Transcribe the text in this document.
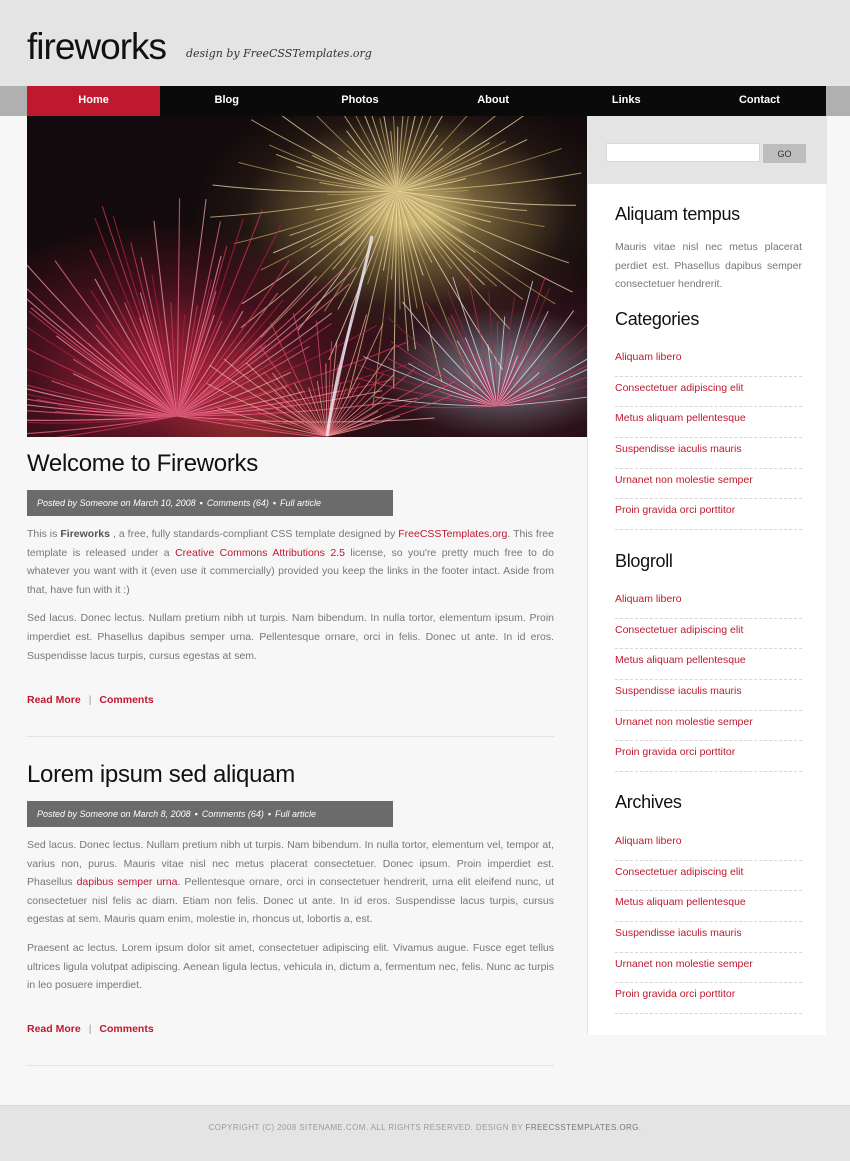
fireworks design by FreeCSSTemplates.org
Home	Blog	Photos	About	Links	Contact
Welcome to Fireworks
Posted by Someone on March 10, 2008 ▪ Comments (64) ▪ Full article

This is Fireworks , a free, fully standards-compliant CSS template designed by FreeCSSTemplates.org. This free template is released under a Creative Commons Attributions 2.5 license, so you're pretty much free to do whatever you want with it (even use it commercially) provided you keep the links in the footer intact. Aside from that, have fun with it :)

Sed lacus. Donec lectus. Nullam pretium nibh ut turpis. Nam bibendum. In nulla tortor, elementum ipsum. Proin imperdiet est. Phasellus dapibus semper urna. Pellentesque ornare, orci in felis. Donec ut ante. In id eros. Suspendisse lacus turpis, cursus egestas at sem.

Read More | Comments
Lorem ipsum sed aliquam
Posted by Someone on March 8, 2008 ▪ Comments (64) ▪ Full article

Sed lacus. Donec lectus. Nullam pretium nibh ut turpis. Nam bibendum. In nulla tortor, elementum vel, tempor at, varius non, purus. Mauris vitae nisl nec metus placerat consectetuer. Donec ipsum. Proin imperdiet est. Phasellus dapibus semper urna. Pellentesque ornare, orci in consectetuer hendrerit, urna elit eleifend nunc, ut consectetuer nisl felis ac diam. Etiam non felis. Donec ut ante. In id eros. Suspendisse lacus turpis, cursus egestas at sem. Mauris quam enim, molestie in, rhoncus ut, lobortis a, est.

Praesent ac lectus. Lorem ipsum dolor sit amet, consectetuer adipiscing elit. Vivamus augue. Fusce eget tellus ultrices ligula volutpat adipiscing. Aenean ligula lectus, vehicula in, dictum a, fermentum nec, felis. Nunc ac turpis in leo posuere imperdiet.

Read More | Comments
GO
Aliquam tempus
Mauris vitae nisl nec metus placerat perdiet est. Phasellus dapibus semper consectetuer hendrerit.
Categories
Aliquam libero
Consectetuer adipiscing elit
Metus aliquam pellentesque
Suspendisse iaculis mauris
Urnanet non molestie semper
Proin gravida orci porttitor
Blogroll
Aliquam libero
Consectetuer adipiscing elit
Metus aliquam pellentesque
Suspendisse iaculis mauris
Urnanet non molestie semper
Proin gravida orci porttitor
Archives
Aliquam libero
Consectetuer adipiscing elit
Metus aliquam pellentesque
Suspendisse iaculis mauris
Urnanet non molestie semper
Proin gravida orci porttitor
COPYRIGHT (C) 2008 SITENAME.COM. ALL RIGHTS RESERVED. DESIGN BY FREECSSTEMPLATES.ORG.
